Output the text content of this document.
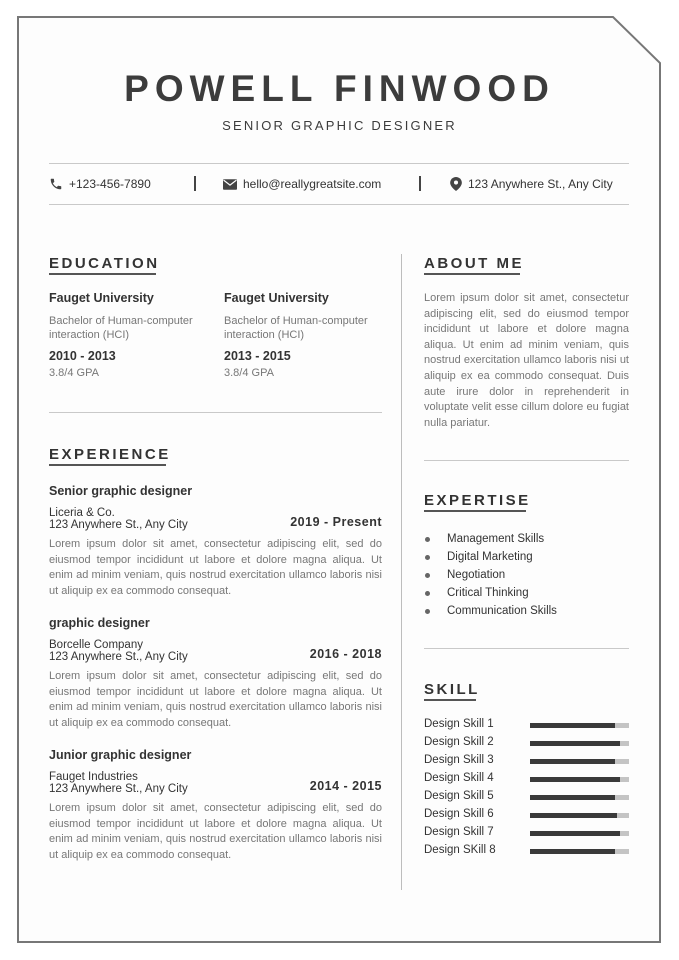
POWELL FINWOOD
SENIOR GRAPHIC DESIGNER
+123-456-7890	hello@reallygreatsite.com	123 Anywhere St., Any City
EDUCATION
Fauget University
Bachelor of Human-computer interaction (HCI)
2010 - 2013
3.8/4 GPA
Fauget University
Bachelor of Human-computer interaction (HCI)
2013 - 2015
3.8/4 GPA
EXPERIENCE
Senior graphic designer
Liceria & Co.
123 Anywhere St., Any City	2019 - Present
Lorem ipsum dolor sit amet, consectetur adipiscing elit, sed do eiusmod tempor incididunt ut labore et dolore magna aliqua. Ut enim ad minim veniam, quis nostrud exercitation ullamco laboris nisi ut aliquip ex ea commodo consequat.
graphic designer
Borcelle Company
123 Anywhere St., Any City	2016 - 2018
Lorem ipsum dolor sit amet, consectetur adipiscing elit, sed do eiusmod tempor incididunt ut labore et dolore magna aliqua. Ut enim ad minim veniam, quis nostrud exercitation ullamco laboris nisi ut aliquip ex ea commodo consequat.
Junior graphic designer
Fauget Industries
123 Anywhere St., Any City	2014 - 2015
Lorem ipsum dolor sit amet, consectetur adipiscing elit, sed do eiusmod tempor incididunt ut labore et dolore magna aliqua. Ut enim ad minim veniam, quis nostrud exercitation ullamco laboris nisi ut aliquip ex ea commodo consequat.
ABOUT ME
Lorem ipsum dolor sit amet, consectetur adipiscing elit, sed do eiusmod tempor incididunt ut labore et dolore magna aliqua. Ut enim ad minim veniam, quis nostrud exercitation ullamco laboris nisi ut aliquip ex ea commodo consequat. Duis aute irure dolor in reprehenderit in voluptate velit esse cillum dolore eu fugiat nulla pariatur.
EXPERTISE
Management Skills
Digital Marketing
Negotiation
Critical Thinking
Communication Skills
SKILL
Design Skill 1
Design Skill 2
Design Skill 3
Design Skill 4
Design Skill 5
Design Skill 6
Design Skill 7
Design SKill 8
